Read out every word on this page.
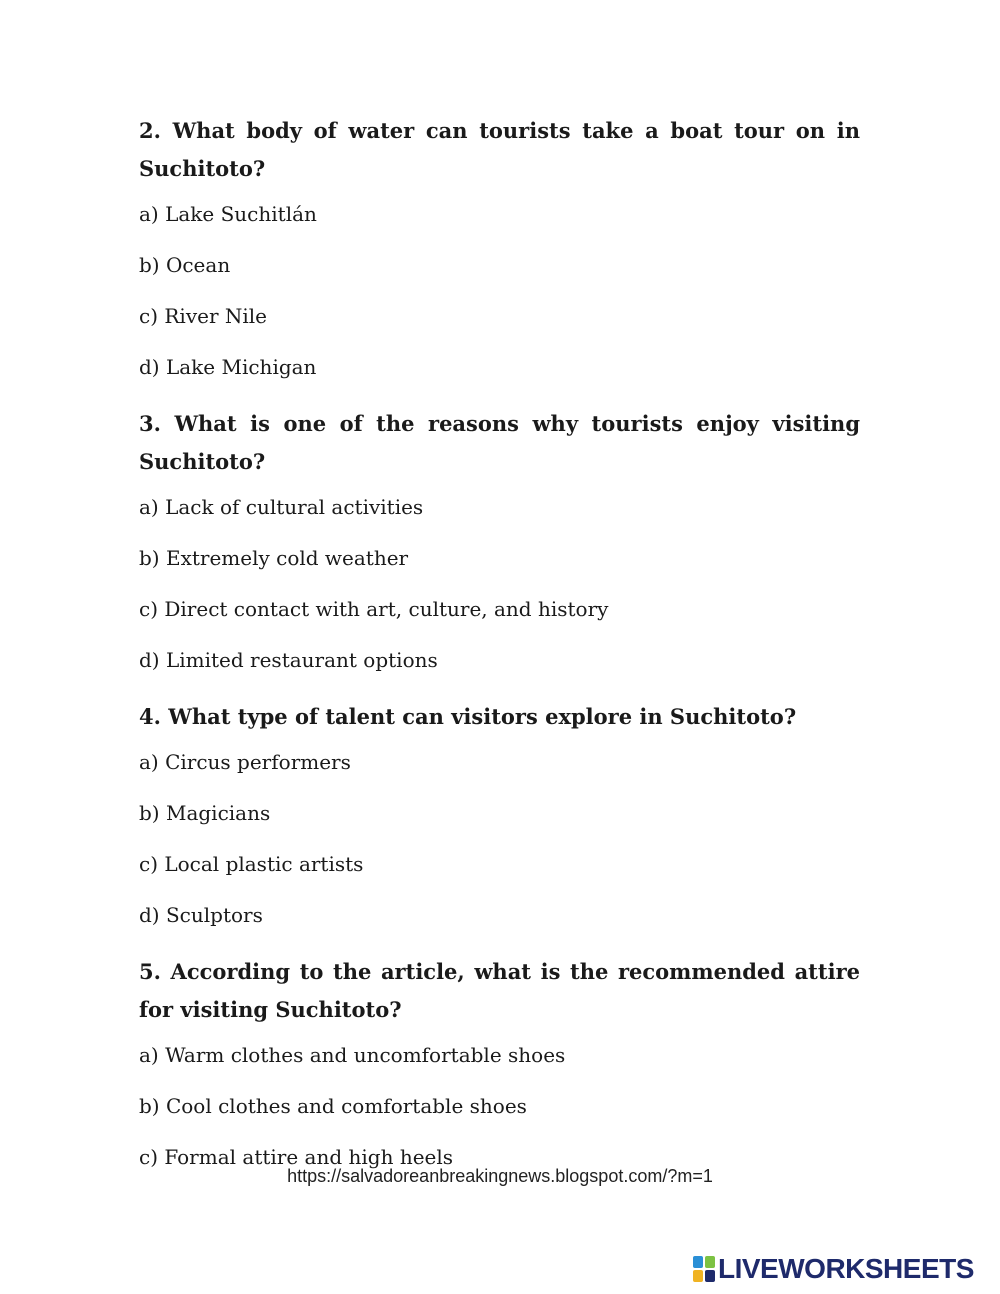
2. What body of water can tourists take a boat tour on in Suchitoto?
a) Lake Suchitlán
b) Ocean
c) River Nile
d) Lake Michigan
3. What is one of the reasons why tourists enjoy visiting Suchitoto?
a) Lack of cultural activities
b) Extremely cold weather
c) Direct contact with art, culture, and history
d) Limited restaurant options
4. What type of talent can visitors explore in Suchitoto?
a) Circus performers
b) Magicians
c) Local plastic artists
d) Sculptors
5. According to the article, what is the recommended attire for visiting Suchitoto?
a) Warm clothes and uncomfortable shoes
b) Cool clothes and comfortable shoes
c) Formal attire and high heels
https://salvadoreanbreakingnews.blogspot.com/?m=1
LIVEWORKSHEETS
